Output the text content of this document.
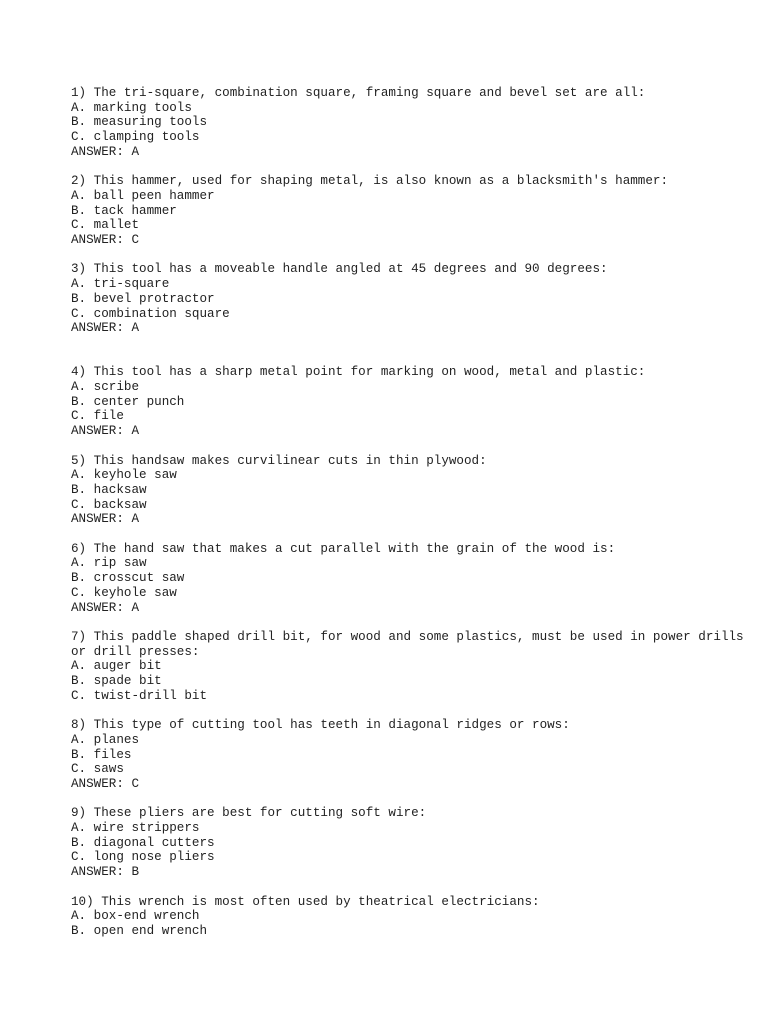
1) The tri-square, combination square, framing square and bevel set are all:
A. marking tools
B. measuring tools
C. clamping tools
ANSWER: A
2) This hammer, used for shaping metal, is also known as a blacksmith's hammer:
A. ball peen hammer
B. tack hammer
C. mallet
ANSWER: C
3) This tool has a moveable handle angled at 45 degrees and 90 degrees:
A. tri-square
B. bevel protractor
C. combination square
ANSWER: A
4) This tool has a sharp metal point for marking on wood, metal and plastic:
A. scribe
B. center punch
C. file
ANSWER: A
5) This handsaw makes curvilinear cuts in thin plywood:
A. keyhole saw
B. hacksaw
C. backsaw
ANSWER: A
6) The hand saw that makes a cut parallel with the grain of the wood is:
A. rip saw
B. crosscut saw
C. keyhole saw
ANSWER: A
7) This paddle shaped drill bit, for wood and some plastics, must be used in power drills or drill presses:
A. auger bit
B. spade bit
C. twist-drill bit
8) This type of cutting tool has teeth in diagonal ridges or rows:
A. planes
B. files
C. saws
ANSWER: C
9) These pliers are best for cutting soft wire:
A. wire strippers
B. diagonal cutters
C. long nose pliers
ANSWER: B
10) This wrench is most often used by theatrical electricians:
A. box-end wrench
B. open end wrench
